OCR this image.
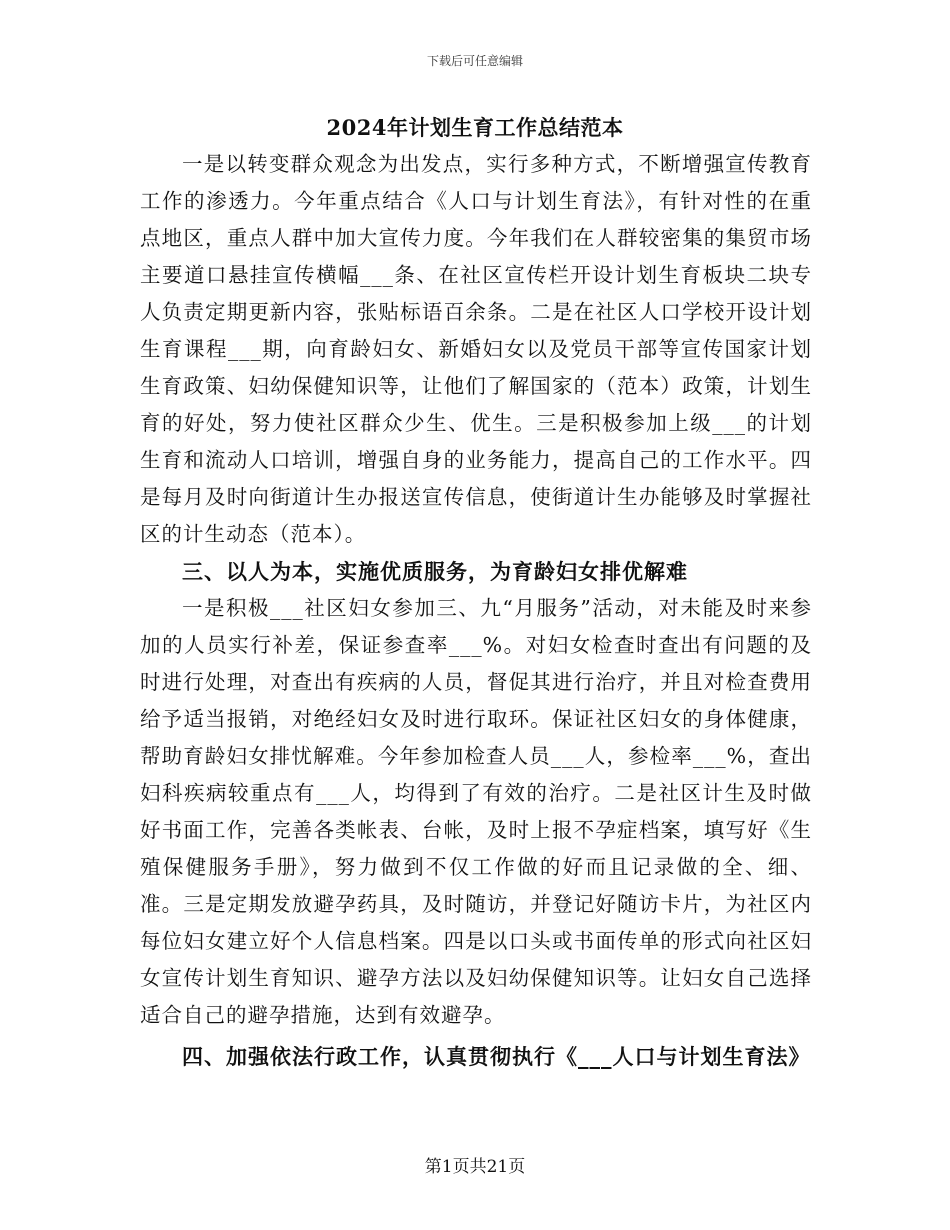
下载后可任意编辑
2024年计划生育工作总结范本
一是以转变群众观念为出发点，实行多种方式，不断增强宣传教育工作的渗透力。今年重点结合《人口与计划生育法》，有针对性的在重点地区，重点人群中加大宣传力度。今年我们在人群较密集的集贸市场主要道口悬挂宣传横幅___条、在社区宣传栏开设计划生育板块二块专人负责定期更新内容，张贴标语百余条。二是在社区人口学校开设计划生育课程___期，向育龄妇女、新婚妇女以及党员干部等宣传国家计划生育政策、妇幼保健知识等，让他们了解国家的（范本）政策，计划生育的好处，努力使社区群众少生、优生。三是积极参加上级___的计划生育和流动人口培训，增强自身的业务能力，提高自己的工作水平。四是每月及时向街道计生办报送宣传信息，使街道计生办能够及时掌握社区的计生动态（范本）。
三、以人为本，实施优质服务，为育龄妇女排优解难
一是积极___社区妇女参加三、九“月服务”活动，对未能及时来参加的人员实行补差，保证参查率___%。对妇女检查时查出有问题的及时进行处理，对查出有疾病的人员，督促其进行治疗，并且对检查费用给予适当报销，对绝经妇女及时进行取环。保证社区妇女的身体健康，帮助育龄妇女排忧解难。今年参加检查人员___人，参检率___%，查出妇科疾病较重点有___人，均得到了有效的治疗。二是社区计生及时做好书面工作，完善各类帐表、台帐，及时上报不孕症档案，填写好《生殖保健服务手册》，努力做到不仅工作做的好而且记录做的全、细、准。三是定期发放避孕药具，及时随访，并登记好随访卡片，为社区内每位妇女建立好个人信息档案。四是以口头或书面传单的形式向社区妇女宣传计划生育知识、避孕方法以及妇幼保健知识等。让妇女自己选择适合自己的避孕措施，达到有效避孕。
四、加强依法行政工作，认真贯彻执行《___人口与计划生育法》
第1页共21页
